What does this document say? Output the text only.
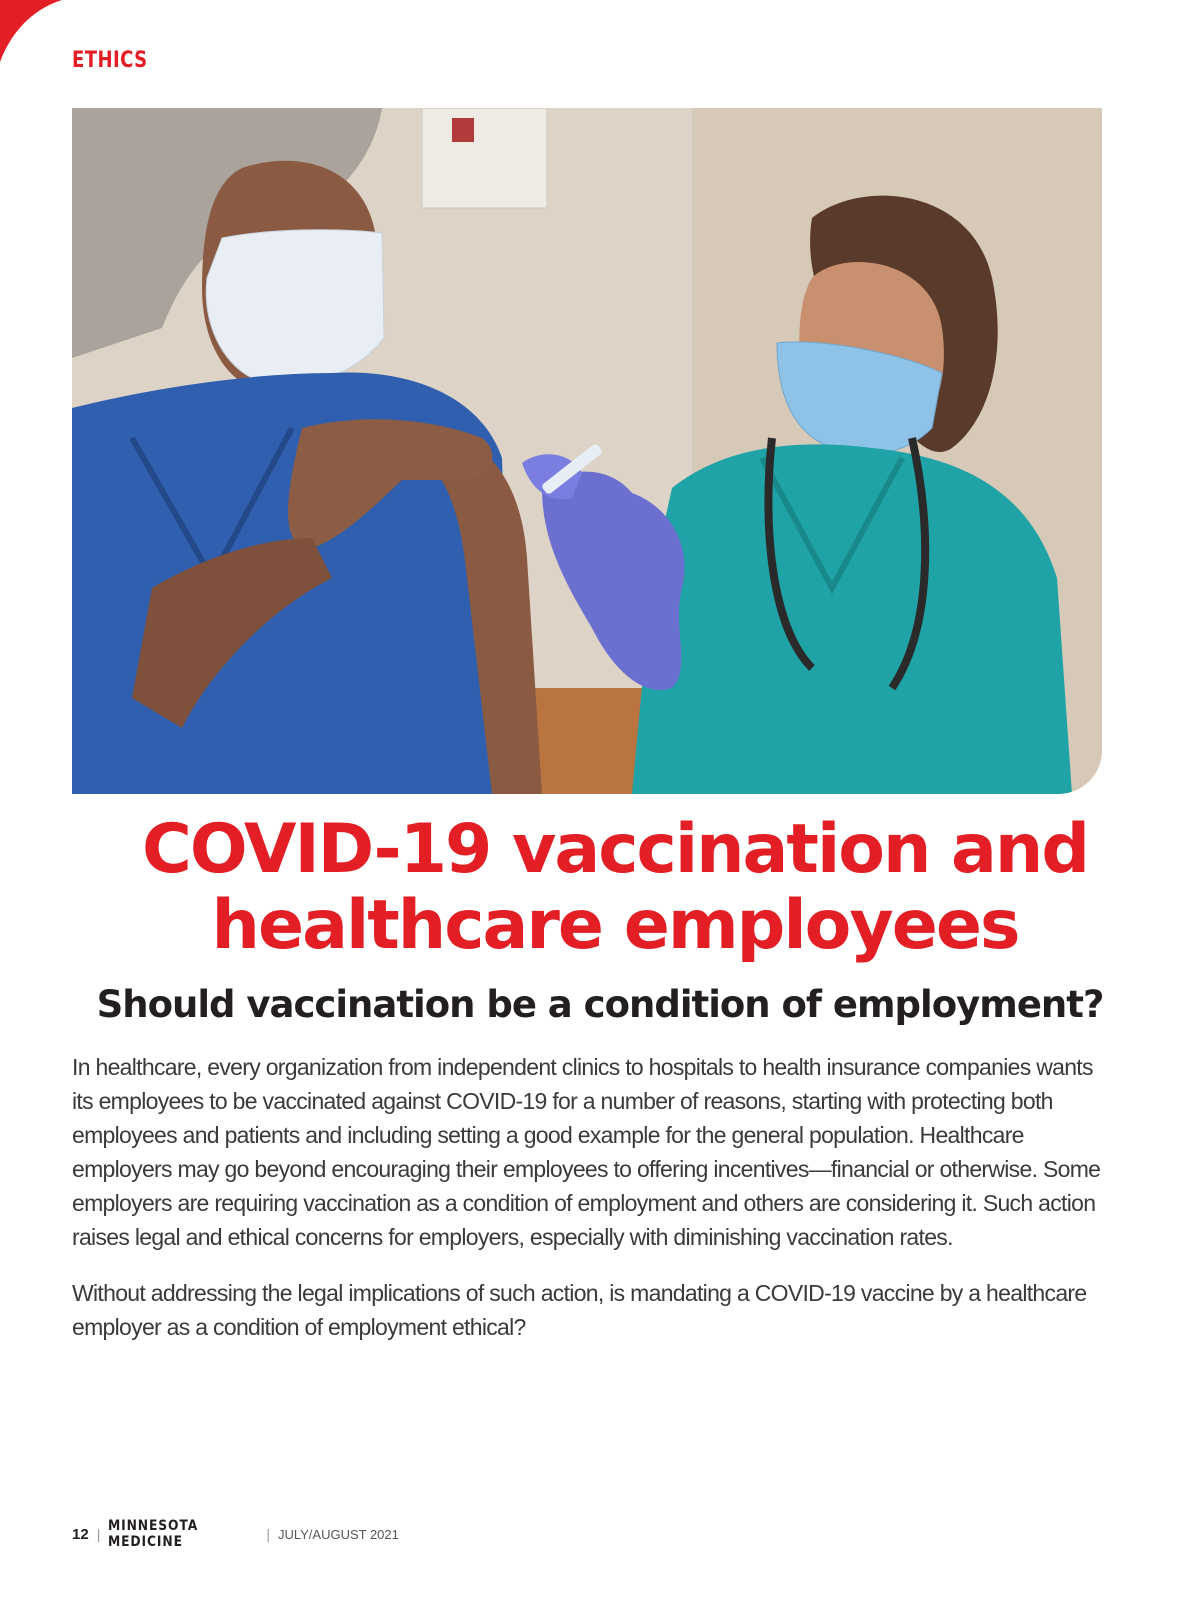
ETHICS
COVID-19 vaccination and
healthcare employees
Should vaccination be a condition of employment?

In healthcare, every organization from independent clinics to hospitals to health insurance companies wants its employees to be vaccinated against COVID-19 for a number of reasons, starting with protecting both employees and patients and including setting a good example for the general population. Healthcare employers may go beyond encouraging their employees to offering incentives—financial or otherwise. Some employers are requiring vaccination as a condition of employment and others are considering it. Such action raises legal and ethical concerns for employers, especially with diminishing vaccination rates.

Without addressing the legal implications of such action, is mandating a COVID-19 vaccine by a healthcare employer as a condition of employment ethical?

12 | MINNESOTA MEDICINE	| JULY/AUGUST 2021
